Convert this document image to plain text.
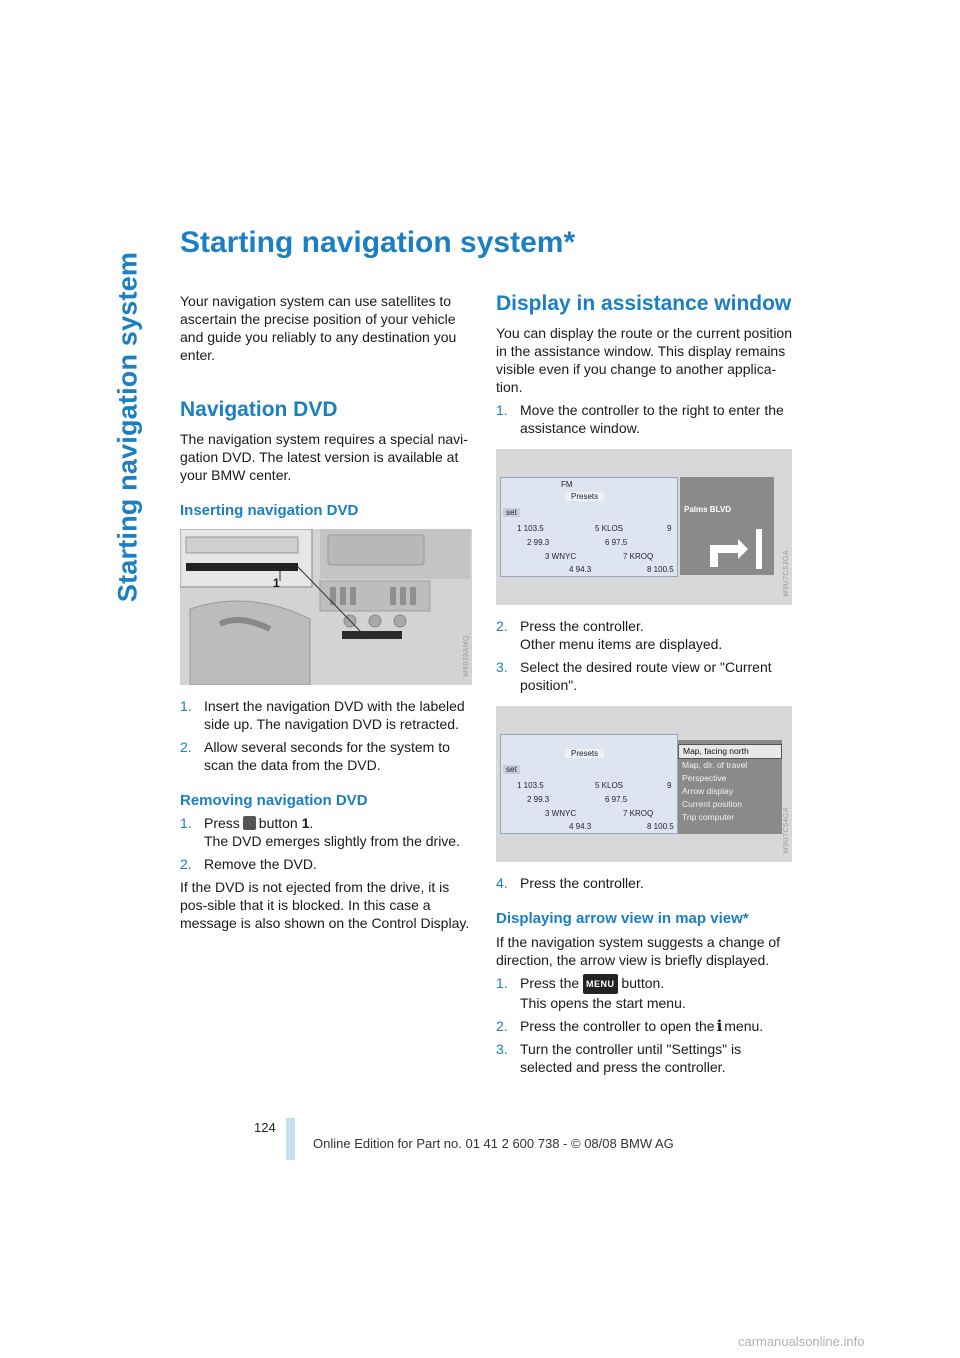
Starting navigation system
Starting navigation system*

Your navigation system can use satellites to ascertain the precise position of your vehicle and guide you reliably to any destination you enter.

Navigation DVD

The navigation system requires a special navi-gation DVD. The latest version is available at your BMW center.

Inserting navigation DVD
1
W4039AMQ
1. Insert the navigation DVD with the labeled side up. The navigation DVD is retracted.
2. Allow several seconds for the system to scan the data from the DVD.
Removing navigation DVD
1. Press button 1.
The DVD emerges slightly from the drive.
2. Remove the DVD.

If the DVD is not ejected from the drive, it is pos-sible that it is blocked. In this case a message is also shown on the Control Display.

Display in assistance window

You can display the route or the current position in the assistance window. This display remains visible even if you change to another applica-tion.

1. Move the controller to the right to enter the assistance window.
FM
Presets
set
1 103.5	5 KLOS	9
2 99.3	6 97.5
3 WNYC	7 KROQ
4 94.3	8 100.5
Palms BLVD
W9U7C53GA
2. Press the controller.
Other menu items are displayed.
3. Select the desired route view or "Current position".
Presets
set
1 103.5	5 KLOS	9
2 99.3	6 97.5
3 WNYC	7 KROQ
4 94.3	8 100.5
Map, facing north
Map, dir. of travel
Perspective
Arrow display
Current position
Trip computer	W9U7C54GA
4. Press the controller.
Displaying arrow view in map view*

If the navigation system suggests a change of direction, the arrow view is briefly displayed.

1. Press the MENU button.
This opens the start menu.
2. Press the controller to open the i menu.
3. Turn the controller until "Settings" is selected and press the controller.
124
Online Edition for Part no. 01 41 2 600 738 - © 08/08 BMW AG
carmanualsonline.info
